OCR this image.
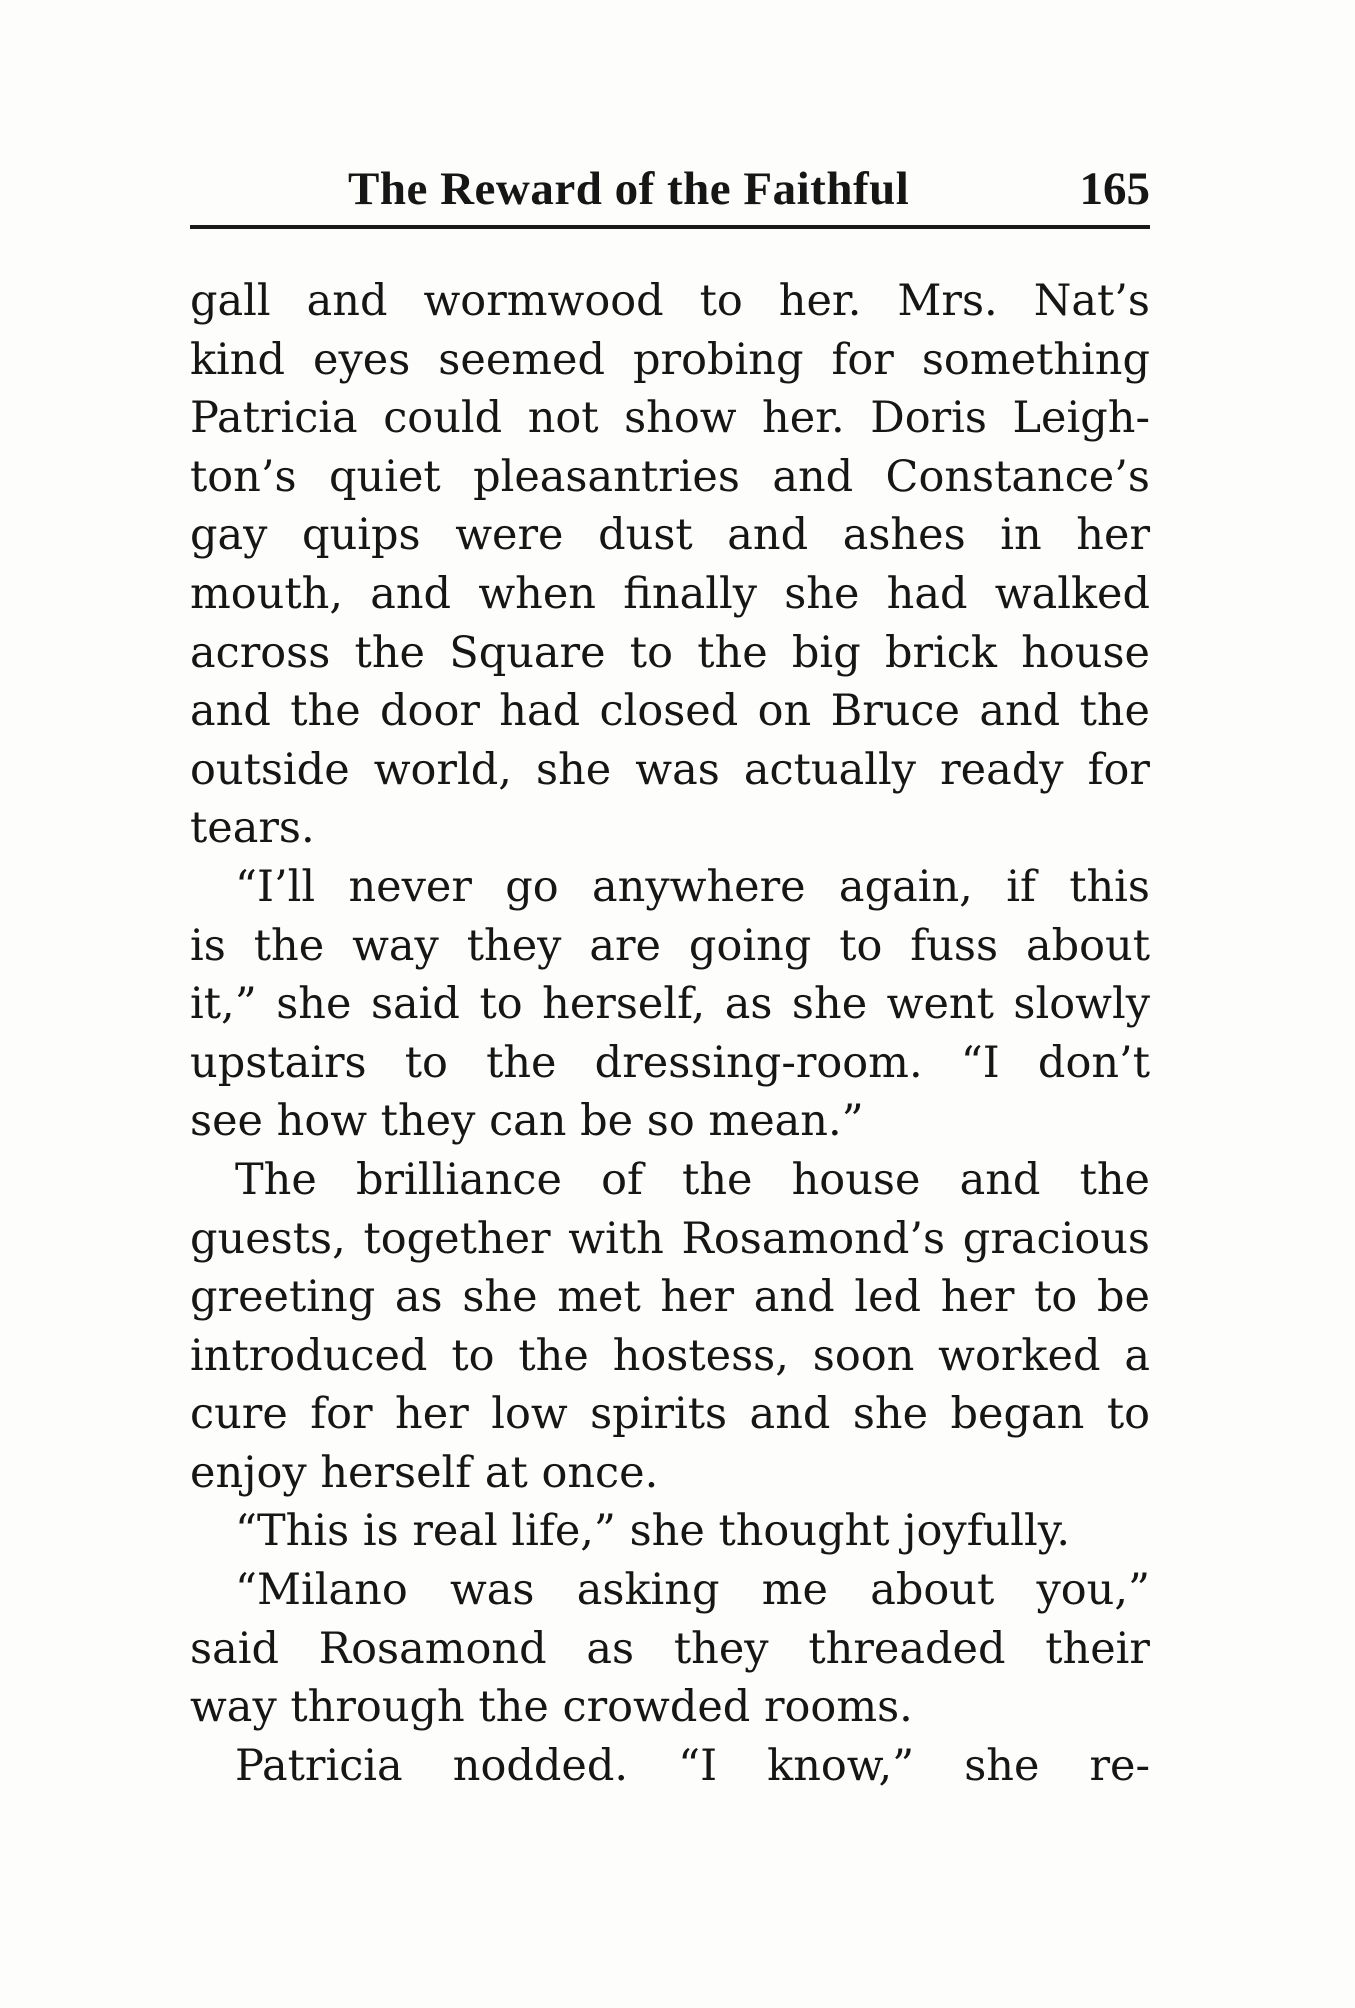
The Reward of the Faithful	165
gall and wormwood to her. Mrs. Nat’s
kind eyes seemed probing for something
Patricia could not show her. Doris Leigh-
ton’s quiet pleasantries and Constance’s
gay quips were dust and ashes in her
mouth, and when finally she had walked
across the Square to the big brick house
and the door had closed on Bruce and the
outside world, she was actually ready for
tears.
“I’ll never go anywhere again, if this
is the way they are going to fuss about
it,” she said to herself, as she went slowly
upstairs to the dressing-room. “I don’t
see how they can be so mean.”
The brilliance of the house and the
guests, together with Rosamond’s gracious
greeting as she met her and led her to be
introduced to the hostess, soon worked a
cure for her low spirits and she began to
enjoy herself at once.
“This is real life,” she thought joyfully.
“Milano was asking me about you,”
said Rosamond as they threaded their
way through the crowded rooms.
Patricia nodded. “I know,” she re-
